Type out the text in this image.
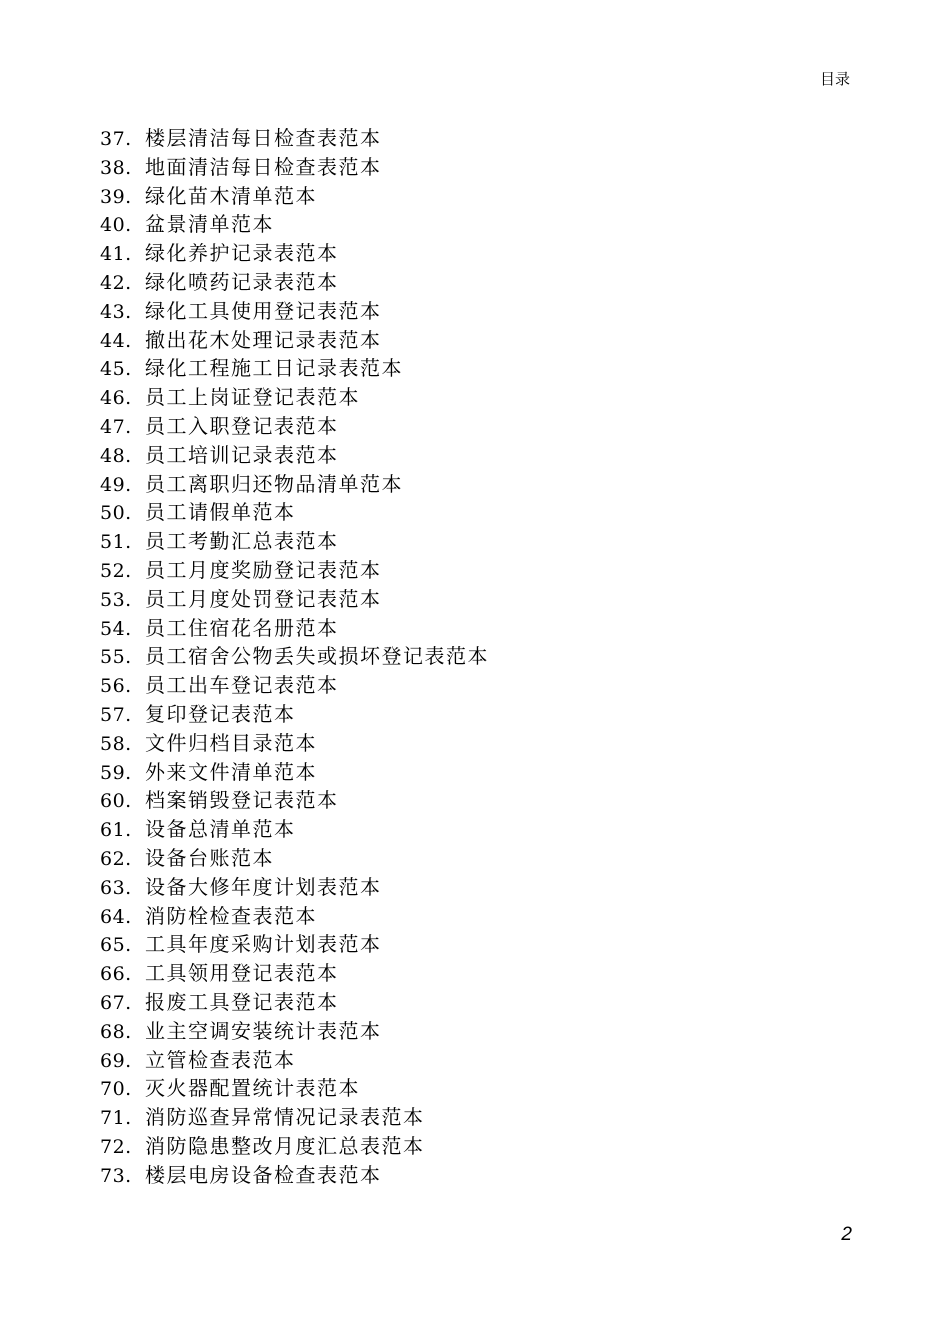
目录
37. 楼层清洁每日检查表范本
38. 地面清洁每日检查表范本
39. 绿化苗木清单范本
40. 盆景清单范本
41. 绿化养护记录表范本
42. 绿化喷药记录表范本
43. 绿化工具使用登记表范本
44. 撤出花木处理记录表范本
45. 绿化工程施工日记录表范本
46. 员工上岗证登记表范本
47. 员工入职登记表范本
48. 员工培训记录表范本
49. 员工离职归还物品清单范本
50. 员工请假单范本
51. 员工考勤汇总表范本
52. 员工月度奖励登记表范本
53. 员工月度处罚登记表范本
54. 员工住宿花名册范本
55. 员工宿舍公物丢失或损坏登记表范本
56. 员工出车登记表范本
57. 复印登记表范本
58. 文件归档目录范本
59. 外来文件清单范本
60. 档案销毁登记表范本
61. 设备总清单范本
62. 设备台账范本
63. 设备大修年度计划表范本
64. 消防栓检查表范本
65. 工具年度采购计划表范本
66. 工具领用登记表范本
67. 报废工具登记表范本
68. 业主空调安装统计表范本
69. 立管检查表范本
70. 灭火器配置统计表范本
71. 消防巡查异常情况记录表范本
72. 消防隐患整改月度汇总表范本
73. 楼层电房设备检查表范本
2
